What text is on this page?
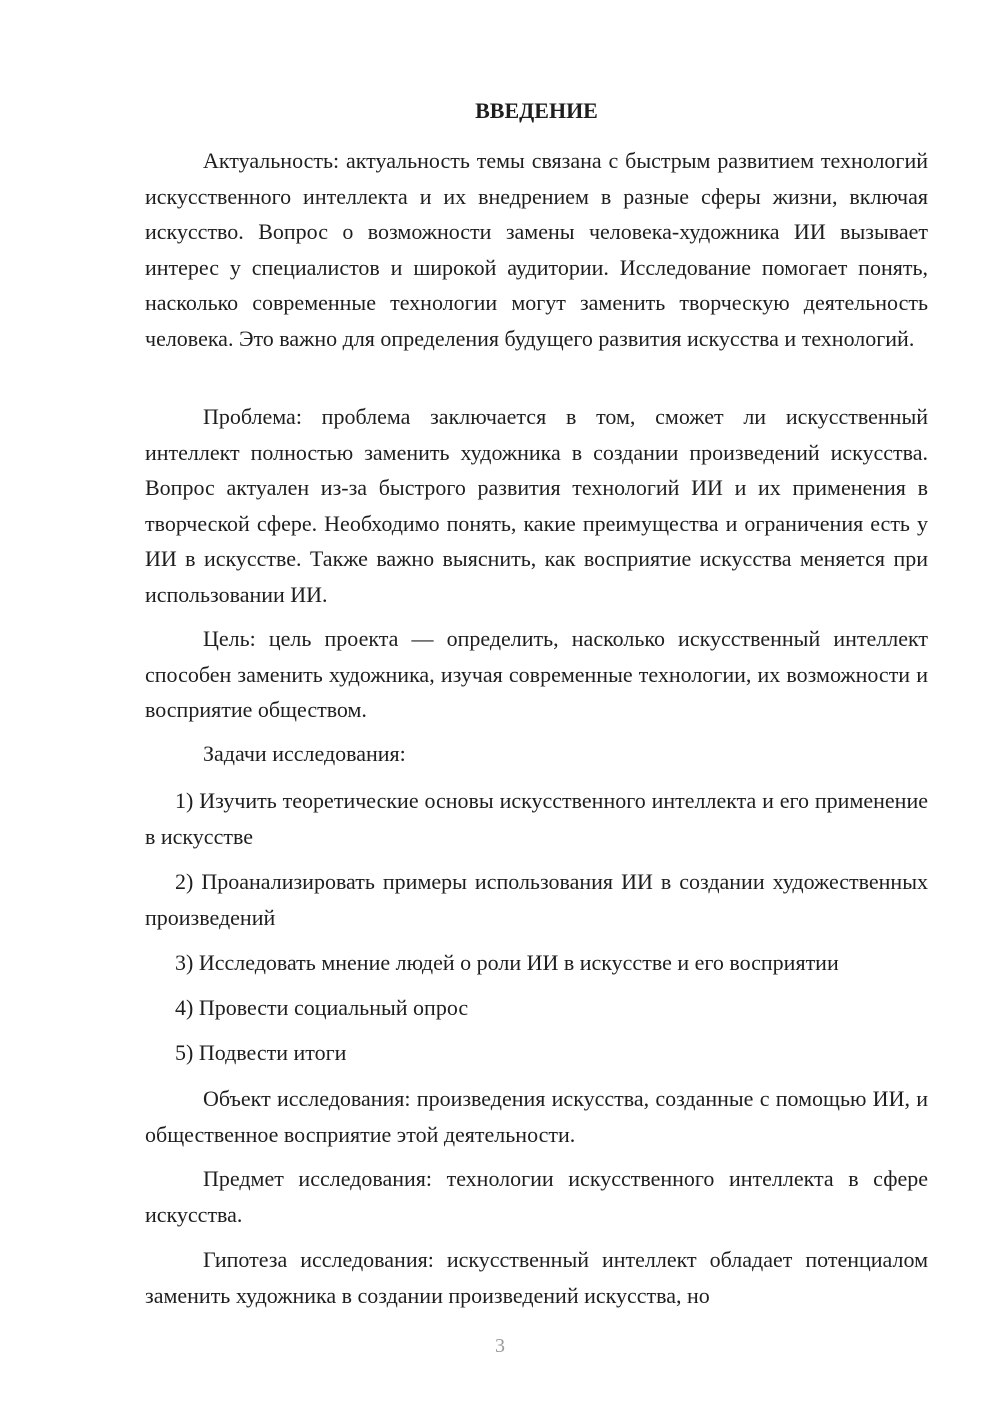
ВВЕДЕНИЕ

Актуальность: актуальность темы связана с быстрым развитием технологий искусственного интеллекта и их внедрением в разные сферы жизни, включая искусство. Вопрос о возможности замены человека-художника ИИ вызывает интерес у специалистов и широкой аудитории. Исследование помогает понять, насколько современные технологии могут заменить творческую деятельность человека. Это важно для определения будущего развития искусства и технологий.

Проблема: проблема заключается в том, сможет ли искусственный интеллект полностью заменить художника в создании произведений искусства. Вопрос актуален из-за быстрого развития технологий ИИ и их применения в творческой сфере. Необходимо понять, какие преимущества и ограничения есть у ИИ в искусстве. Также важно выяснить, как восприятие искусства меняется при использовании ИИ.

Цель: цель проекта — определить, насколько искусственный интеллект способен заменить художника, изучая современные технологии, их возможности и восприятие обществом.

Задачи исследования:

1) Изучить теоретические основы искусственного интеллекта и его применение в искусстве

2) Проанализировать примеры использования ИИ в создании художественных произведений

3) Исследовать мнение людей о роли ИИ в искусстве и его восприятии

4) Провести социальный опрос

5) Подвести итоги

Объект исследования: произведения искусства, созданные с помощью ИИ, и общественное восприятие этой деятельности.

Предмет исследования: технологии искусственного интеллекта в сфере искусства.

Гипотеза исследования: искусственный интеллект обладает потенциалом заменить художника в создании произведений искусства, но

3
